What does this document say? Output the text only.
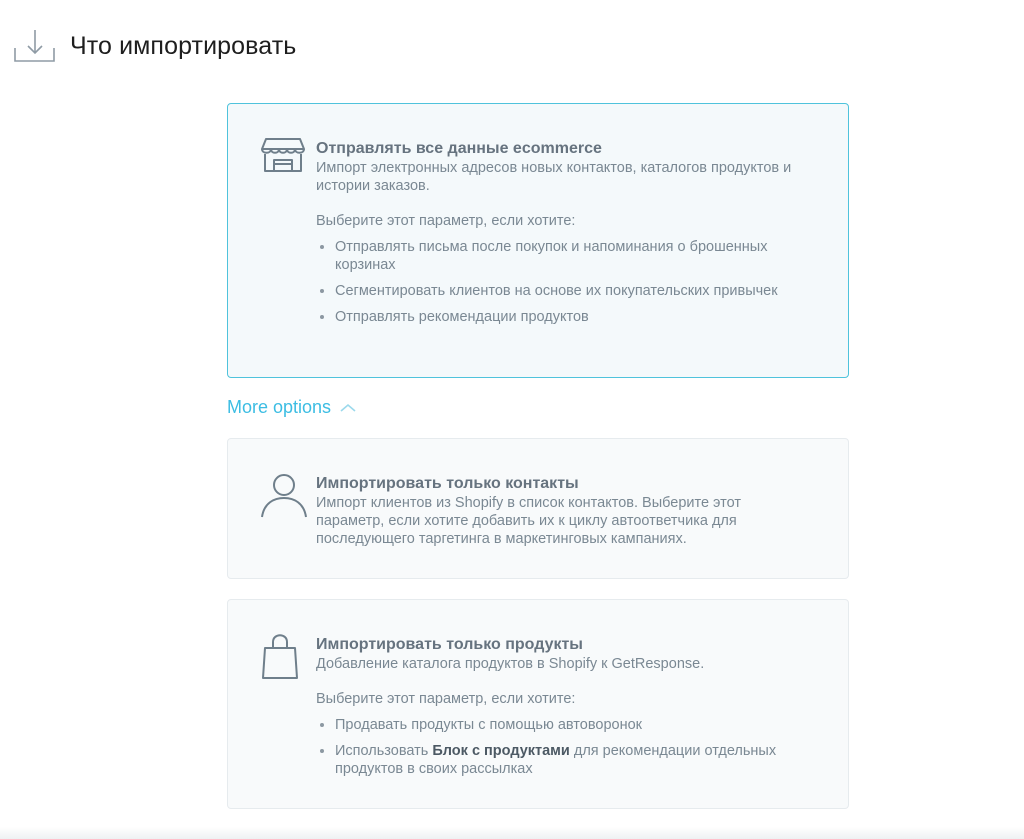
Что импортировать
Отправлять все данные ecommerce
Импорт электронных адресов новых контактов, каталогов продуктов и истории заказов.
Выберите этот параметр, если хотите:
Отправлять письма после покупок и напоминания о брошенных корзинах
Сегментировать клиентов на основе их покупательских привычек
Отправлять рекомендации продуктов
More options
Импортировать только контакты
Импорт клиентов из Shopify в список контактов. Выберите этот параметр, если хотите добавить их к циклу автоответчика для последующего таргетинга в маркетинговых кампаниях.
Импортировать только продукты
Добавление каталога продуктов в Shopify к GetResponse.
Выберите этот параметр, если хотите:
Продавать продукты с помощью автоворонок
Использовать Блок с продуктами для рекомендации отдельных продуктов в своих рассылках
